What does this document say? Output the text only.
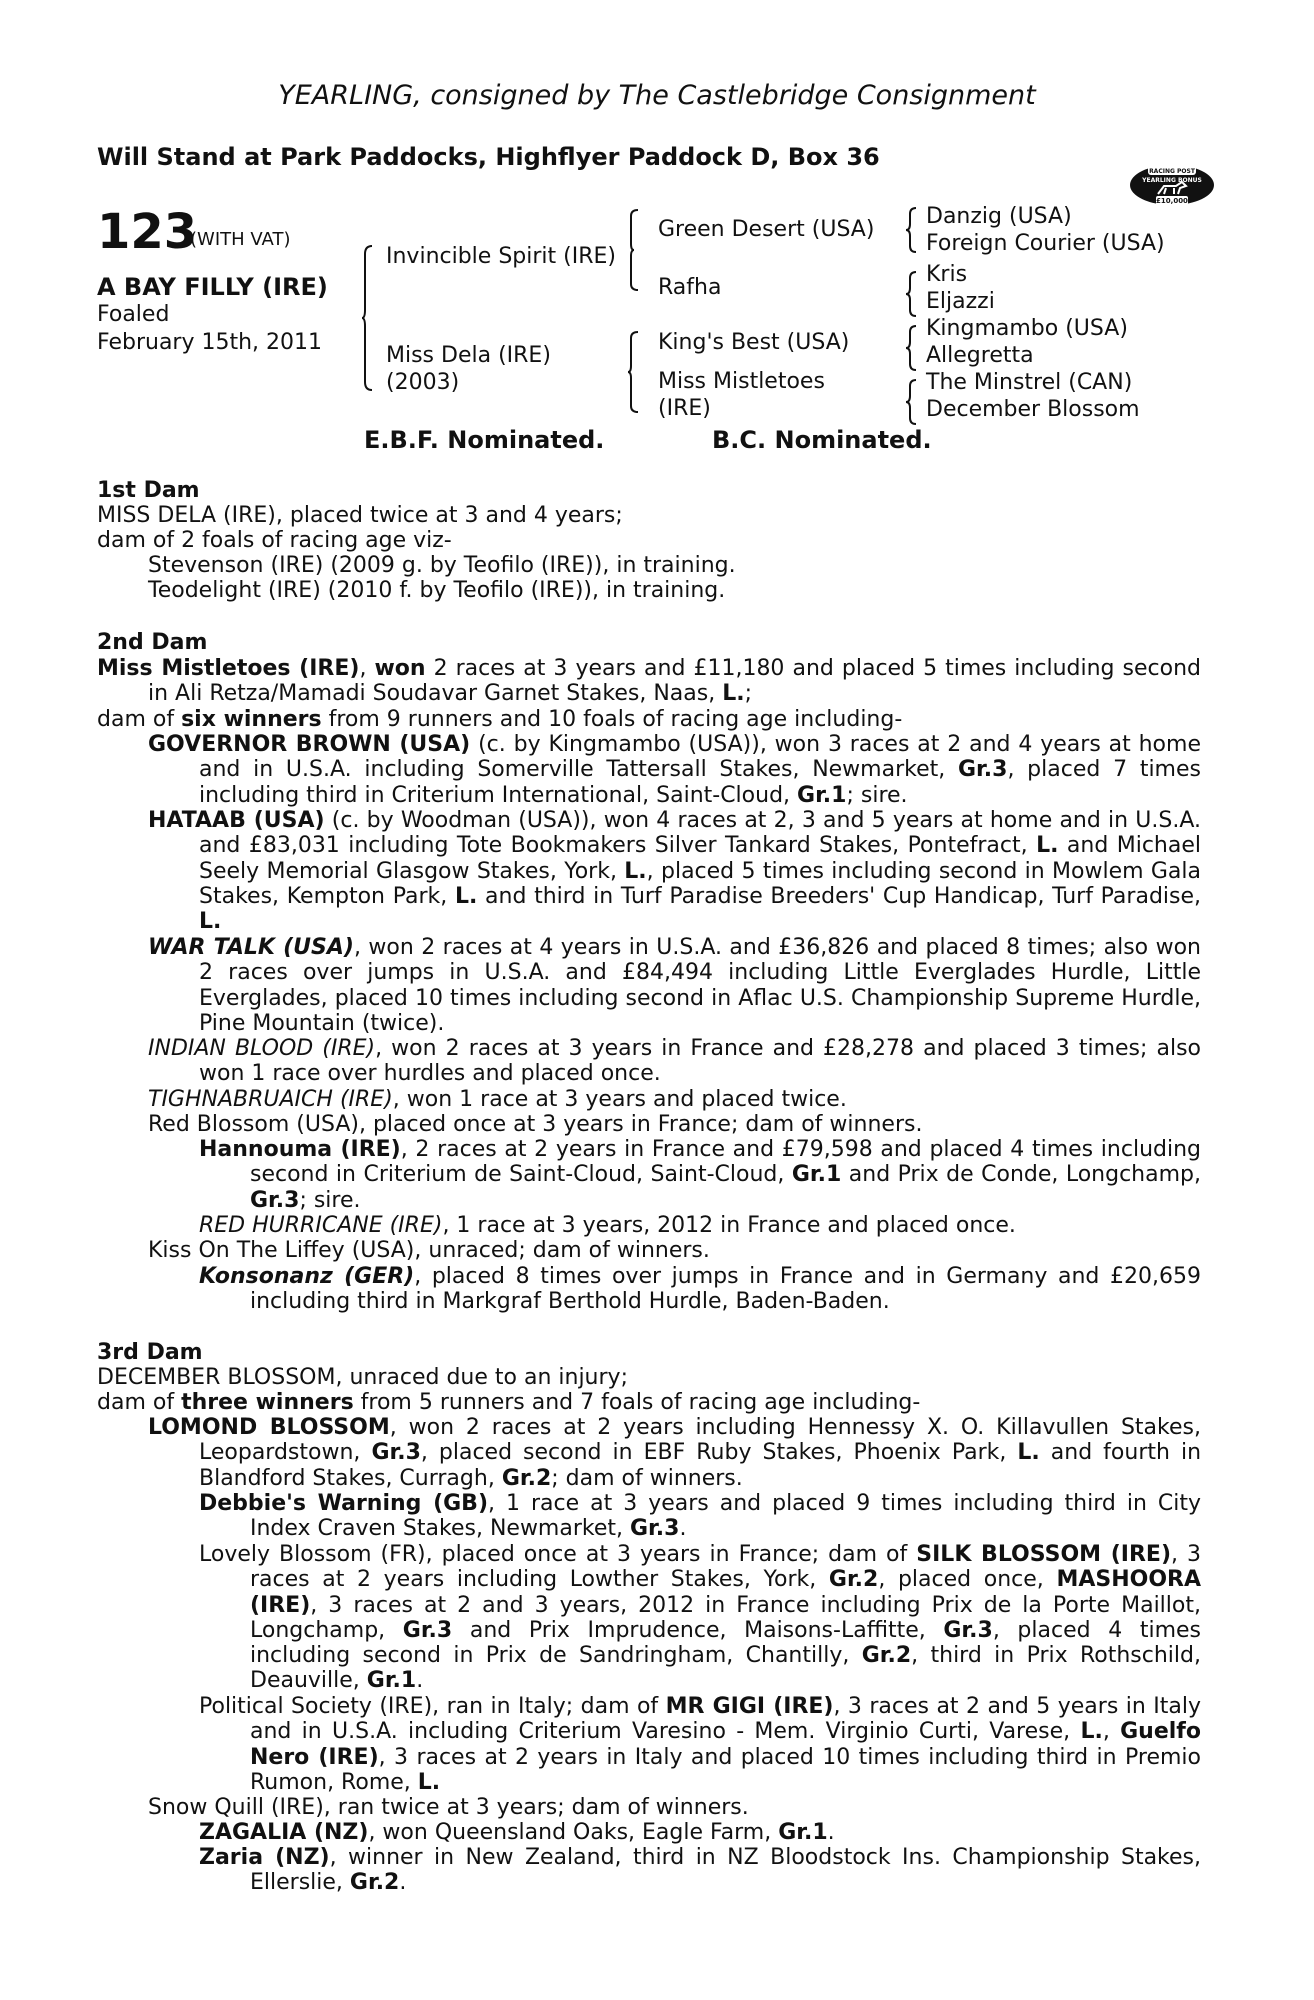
YEARLING, consigned by The Castlebridge Consignment
Will Stand at Park Paddocks, Highflyer Paddock D, Box 36
RACING POST
YEARLING BONUS
£10,000
123
(WITH VAT)
A BAY FILLY (IRE)
Foaled
February 15th, 2011
Invincible Spirit (IRE)
Miss Dela (IRE)
(2003)
Green Desert (USA)
Rafha
King's Best (USA)
Miss Mistletoes
(IRE)
Danzig (USA)
Foreign Courier (USA)
Kris
Eljazzi
Kingmambo (USA)
Allegretta
The Minstrel (CAN)
December Blossom
E.B.F. Nominated.	B.C. Nominated.
1st Dam
MISS DELA (IRE), placed twice at 3 and 4 years;
dam of 2 foals of racing age viz-
Stevenson (IRE) (2009 g. by Teofilo (IRE)), in training.
Teodelight (IRE) (2010 f. by Teofilo (IRE)), in training.
2nd Dam
Miss Mistletoes (IRE), won 2 races at 3 years and £11,180 and placed 5 times including second in Ali Retza/Mamadi Soudavar Garnet Stakes, Naas, L.;
dam of six winners from 9 runners and 10 foals of racing age including-
GOVERNOR BROWN (USA) (c. by Kingmambo (USA)), won 3 races at 2 and 4 years at home and in U.S.A. including Somerville Tattersall Stakes, Newmarket, Gr.3, placed 7 times including third in Criterium International, Saint-Cloud, Gr.1; sire.
HATAAB (USA) (c. by Woodman (USA)), won 4 races at 2, 3 and 5 years at home and in U.S.A. and £83,031 including Tote Bookmakers Silver Tankard Stakes, Pontefract, L. and Michael Seely Memorial Glasgow Stakes, York, L., placed 5 times including second in Mowlem Gala Stakes, Kempton Park, L. and third in Turf Paradise Breeders' Cup Handicap, Turf Paradise, L.
WAR TALK (USA), won 2 races at 4 years in U.S.A. and £36,826 and placed 8 times; also won 2 races over jumps in U.S.A. and £84,494 including Little Everglades Hurdle, Little Everglades, placed 10 times including second in Aflac U.S. Championship Supreme Hurdle, Pine Mountain (twice).
INDIAN BLOOD (IRE), won 2 races at 3 years in France and £28,278 and placed 3 times; also won 1 race over hurdles and placed once.
TIGHNABRUAICH (IRE), won 1 race at 3 years and placed twice.
Red Blossom (USA), placed once at 3 years in France; dam of winners.
Hannouma (IRE), 2 races at 2 years in France and £79,598 and placed 4 times including second in Criterium de Saint-Cloud, Saint-Cloud, Gr.1 and Prix de Conde, Longchamp, Gr.3; sire.
RED HURRICANE (IRE), 1 race at 3 years, 2012 in France and placed once.
Kiss On The Liffey (USA), unraced; dam of winners.
Konsonanz (GER), placed 8 times over jumps in France and in Germany and £20,659 including third in Markgraf Berthold Hurdle, Baden-Baden.
3rd Dam
DECEMBER BLOSSOM, unraced due to an injury;
dam of three winners from 5 runners and 7 foals of racing age including-
LOMOND BLOSSOM, won 2 races at 2 years including Hennessy X. O. Killavullen Stakes, Leopardstown, Gr.3, placed second in EBF Ruby Stakes, Phoenix Park, L. and fourth in Blandford Stakes, Curragh, Gr.2; dam of winners.
Debbie's Warning (GB), 1 race at 3 years and placed 9 times including third in City Index Craven Stakes, Newmarket, Gr.3.
Lovely Blossom (FR), placed once at 3 years in France; dam of SILK BLOSSOM (IRE), 3 races at 2 years including Lowther Stakes, York, Gr.2, placed once, MASHOORA (IRE), 3 races at 2 and 3 years, 2012 in France including Prix de la Porte Maillot, Longchamp, Gr.3 and Prix Imprudence, Maisons-Laffitte, Gr.3, placed 4 times including second in Prix de Sandringham, Chantilly, Gr.2, third in Prix Rothschild, Deauville, Gr.1.
Political Society (IRE), ran in Italy; dam of MR GIGI (IRE), 3 races at 2 and 5 years in Italy and in U.S.A. including Criterium Varesino - Mem. Virginio Curti, Varese, L., Guelfo Nero (IRE), 3 races at 2 years in Italy and placed 10 times including third in Premio Rumon, Rome, L.
Snow Quill (IRE), ran twice at 3 years; dam of winners.
ZAGALIA (NZ), won Queensland Oaks, Eagle Farm, Gr.1.
Zaria (NZ), winner in New Zealand, third in NZ Bloodstock Ins. Championship Stakes, Ellerslie, Gr.2.
